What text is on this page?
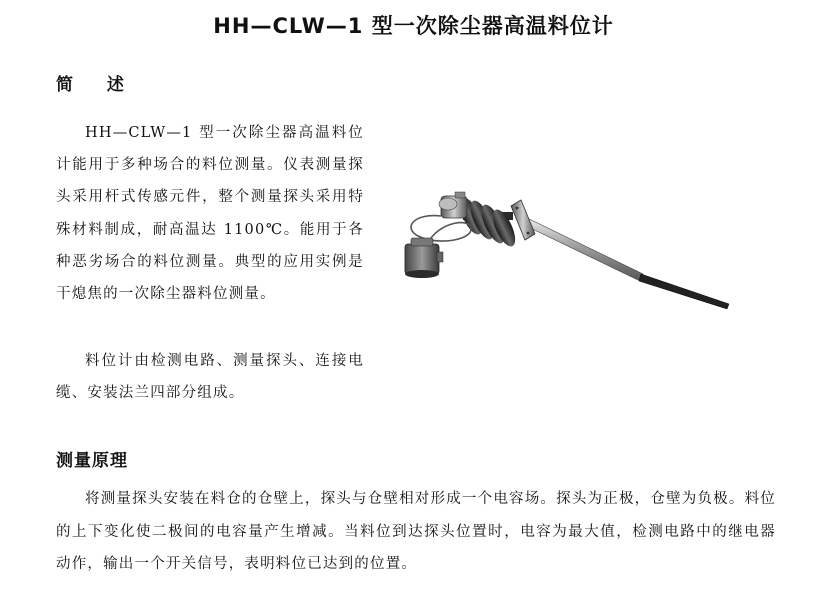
HH—CLW—1 型一次除尘器高温料位计
简 述

HH—CLW—1 型一次除尘器高温料位计能用于多种场合的料位测量。仪表测量探头采用杆式传感元件，整个测量探头采用特殊材料制成，耐高温达 1100℃。能用于各种恶劣场合的料位测量。典型的应用实例是干熄焦的一次除尘器料位测量。

料位计由检测电路、测量探头、连接电缆、安装法兰四部分组成。

测量原理

将测量探头安装在料仓的仓壁上，探头与仓壁相对形成一个电容场。探头为正极，仓壁为负极。料位的上下变化使二极间的电容量产生增减。当料位到达探头位置时，电容为最大值，检测电路中的继电器动作，输出一个开关信号，表明料位已达到的位置。
